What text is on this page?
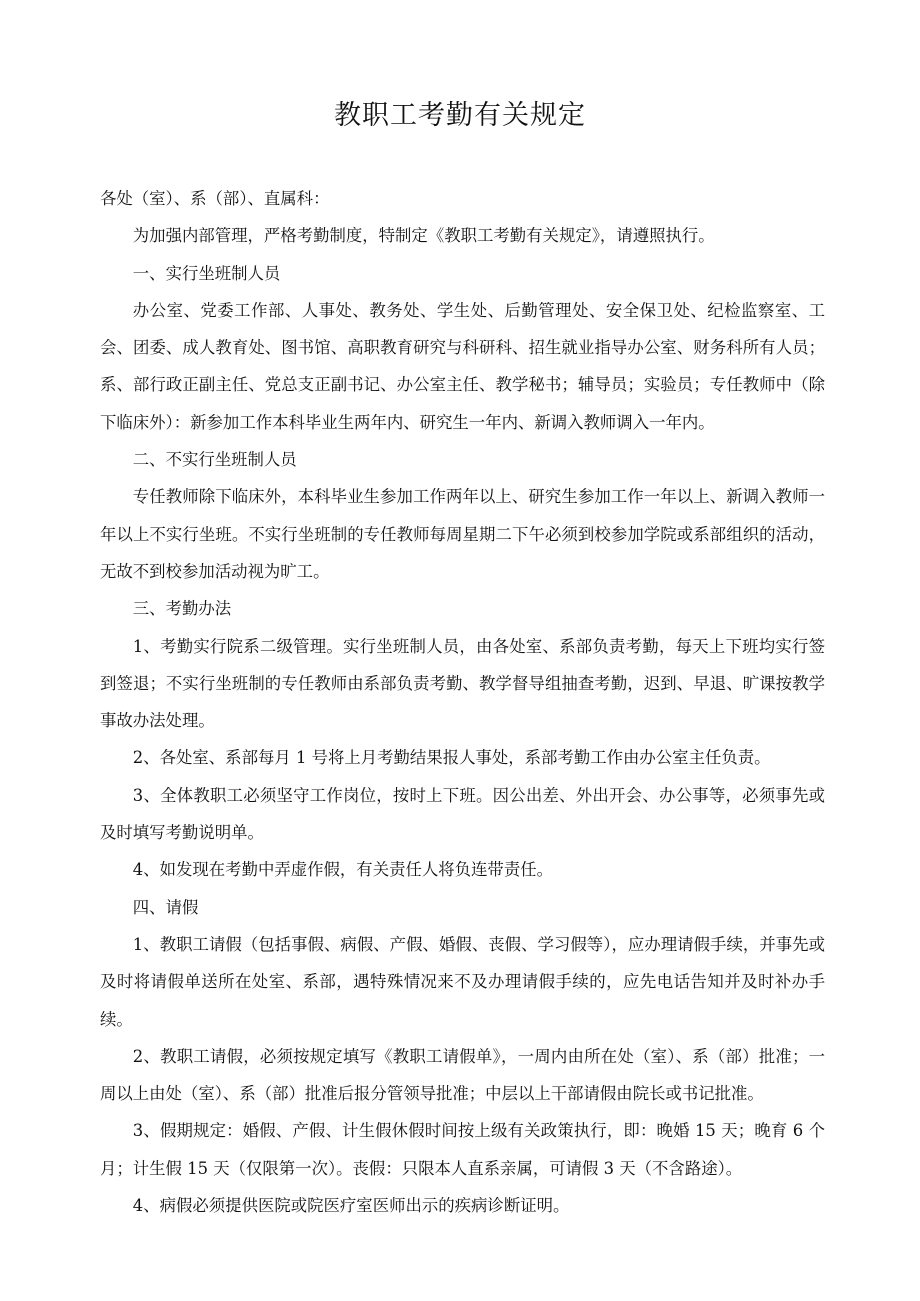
教职工考勤有关规定

各处（室）、系（部）、直属科：

为加强内部管理，严格考勤制度，特制定《教职工考勤有关规定》，请遵照执行。

一、实行坐班制人员

办公室、党委工作部、人事处、教务处、学生处、后勤管理处、安全保卫处、纪检监察室、工会、团委、成人教育处、图书馆、高职教育研究与科研科、招生就业指导办公室、财务科所有人员；系、部行政正副主任、党总支正副书记、办公室主任、教学秘书；辅导员；实验员；专任教师中（除下临床外）：新参加工作本科毕业生两年内、研究生一年内、新调入教师调入一年内。

二、不实行坐班制人员

专任教师除下临床外，本科毕业生参加工作两年以上、研究生参加工作一年以上、新调入教师一年以上不实行坐班。不实行坐班制的专任教师每周星期二下午必须到校参加学院或系部组织的活动，无故不到校参加活动视为旷工。

三、考勤办法

1、考勤实行院系二级管理。实行坐班制人员，由各处室、系部负责考勤，每天上下班均实行签到签退；不实行坐班制的专任教师由系部负责考勤、教学督导组抽查考勤，迟到、早退、旷课按教学事故办法处理。

2、各处室、系部每月 1 号将上月考勤结果报人事处，系部考勤工作由办公室主任负责。

3、全体教职工必须坚守工作岗位，按时上下班。因公出差、外出开会、办公事等，必须事先或及时填写考勤说明单。

4、如发现在考勤中弄虚作假，有关责任人将负连带责任。

四、请假

1、教职工请假（包括事假、病假、产假、婚假、丧假、学习假等），应办理请假手续，并事先或及时将请假单送所在处室、系部，遇特殊情况来不及办理请假手续的，应先电话告知并及时补办手续。

2、教职工请假，必须按规定填写《教职工请假单》，一周内由所在处（室）、系（部）批准；一周以上由处（室）、系（部）批准后报分管领导批准；中层以上干部请假由院长或书记批准。

3、假期规定：婚假、产假、计生假休假时间按上级有关政策执行，即：晚婚 15 天；晚育 6 个月；计生假 15 天（仅限第一次）。丧假：只限本人直系亲属，可请假 3 天（不含路途）。

4、病假必须提供医院或院医疗室医师出示的疾病诊断证明。
